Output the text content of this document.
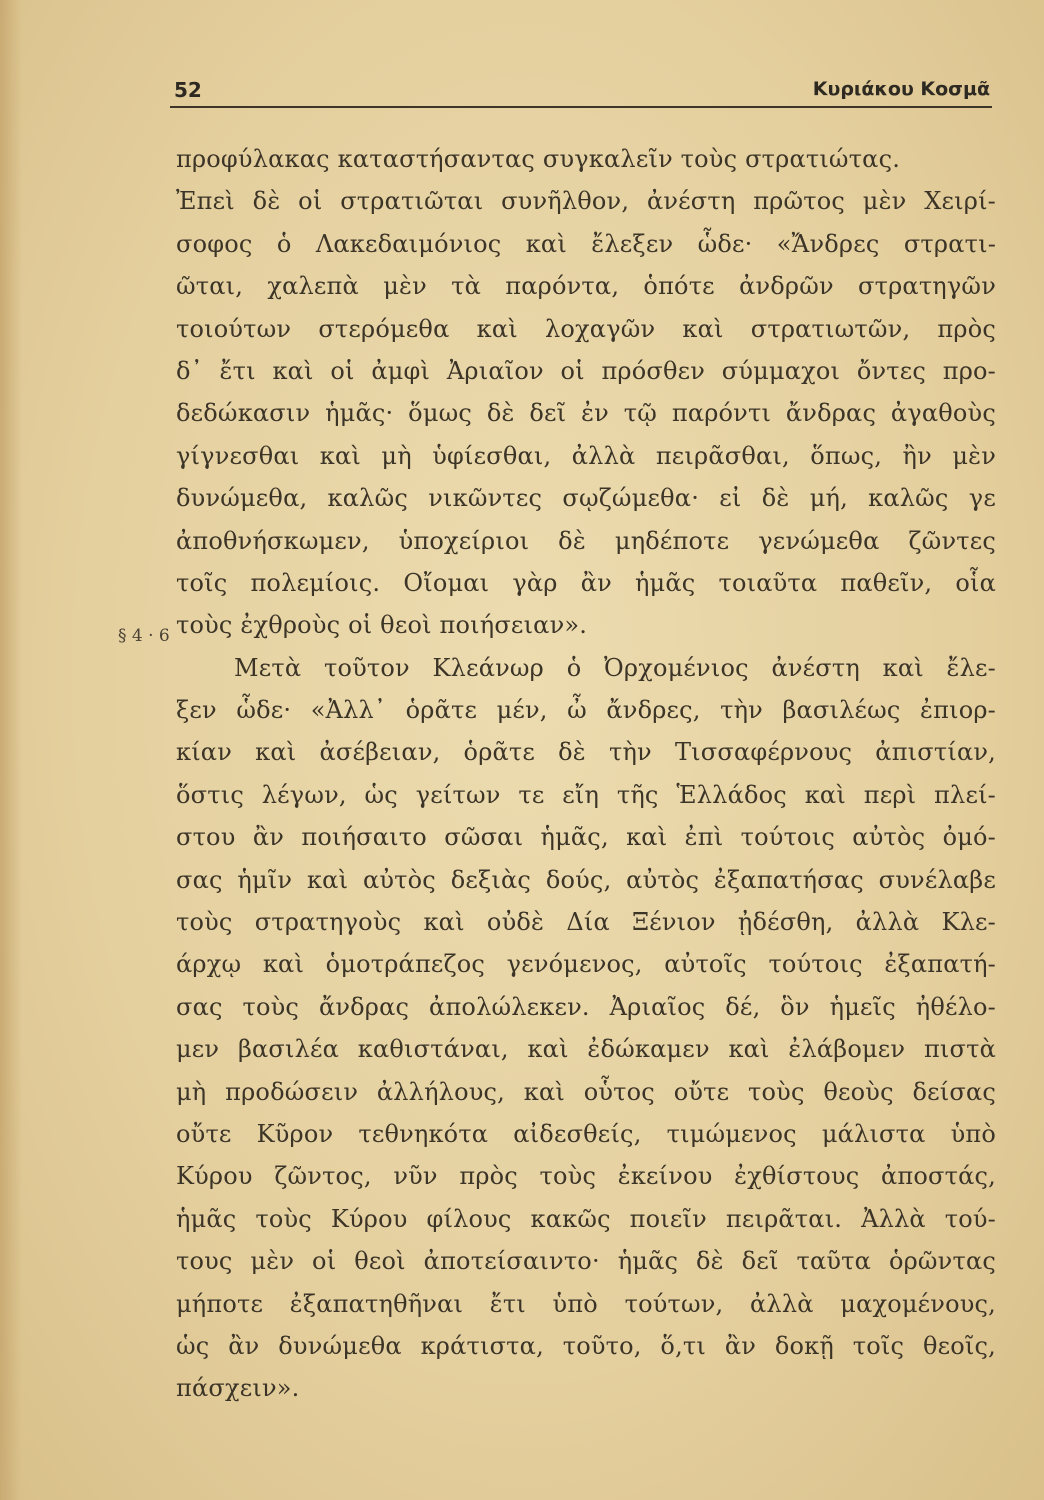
52	Κυριάκου Κοσμᾶ
§ 4 · 6
προφύλακας καταστήσαντας συγκαλεῖν τοὺς στρατιώτας.
Ἐπεὶ δὲ οἱ στρατιῶται συνῆλθον, ἀνέστη πρῶτος μὲν Χειρί-
σοφος ὁ Λακεδαιμόνιος καὶ ἔλεξεν ὧδε· «Ἄνδρες στρατι-
ῶται, χαλεπὰ μὲν τὰ παρόντα, ὁπότε ἀνδρῶν στρατηγῶν
τοιούτων στερόμεθα καὶ λοχαγῶν καὶ στρατιωτῶν, πρὸς
δ᾿ ἔτι καὶ οἱ ἀμφὶ Ἀριαῖον οἱ πρόσθεν σύμμαχοι ὄντες προ-
δεδώκασιν ἡμᾶς· ὅμως δὲ δεῖ ἐν τῷ παρόντι ἄνδρας ἀγαθοὺς
γίγνεσθαι καὶ μὴ ὑφίεσθαι, ἀλλὰ πειρᾶσθαι, ὅπως, ἢν μὲν
δυνώμεθα, καλῶς νικῶντες σῳζώμεθα· εἰ δὲ μή, καλῶς γε
ἀποθνήσκωμεν, ὑποχείριοι δὲ μηδέποτε γενώμεθα ζῶντες
τοῖς πολεμίοις. Οἴομαι γὰρ ἂν ἡμᾶς τοιαῦτα παθεῖν, οἷα
τοὺς ἐχθροὺς οἱ θεοὶ ποιήσειαν».
Μετὰ τοῦτον Κλεάνωρ ὁ Ὀρχομένιος ἀνέστη καὶ ἔλε-
ξεν ὧδε· «Ἀλλ᾿ ὁρᾶτε μέν, ὦ ἄνδρες, τὴν βασιλέως ἐπιορ-
κίαν καὶ ἀσέβειαν, ὁρᾶτε δὲ τὴν Τισσαφέρνους ἀπιστίαν,
ὅστις λέγων, ὡς γείτων τε εἴη τῆς Ἑλλάδος καὶ περὶ πλεί-
στου ἂν ποιήσαιτο σῶσαι ἡμᾶς, καὶ ἐπὶ τούτοις αὐτὸς ὀμό-
σας ἡμῖν καὶ αὐτὸς δεξιὰς δούς, αὐτὸς ἐξαπατήσας συνέλαβε
τοὺς στρατηγοὺς καὶ οὐδὲ Δία Ξένιον ᾐδέσθη, ἀλλὰ Κλε-
άρχῳ καὶ ὁμοτράπεζος γενόμενος, αὐτοῖς τούτοις ἐξαπατή-
σας τοὺς ἄνδρας ἀπολώλεκεν. Ἀριαῖος δέ, ὃν ἡμεῖς ἠθέλο-
μεν βασιλέα καθιστάναι, καὶ ἐδώκαμεν καὶ ἐλάβομεν πιστὰ
μὴ προδώσειν ἀλλήλους, καὶ οὗτος οὔτε τοὺς θεοὺς δείσας
οὔτε Κῦρον τεθνηκότα αἰδεσθείς, τιμώμενος μάλιστα ὑπὸ
Κύρου ζῶντος, νῦν πρὸς τοὺς ἐκείνου ἐχθίστους ἀποστάς,
ἡμᾶς τοὺς Κύρου φίλους κακῶς ποιεῖν πειρᾶται. Ἀλλὰ τού-
τους μὲν οἱ θεοὶ ἀποτείσαιντο· ἡμᾶς δὲ δεῖ ταῦτα ὁρῶντας
μήποτε ἐξαπατηθῆναι ἔτι ὑπὸ τούτων, ἀλλὰ μαχομένους,
ὡς ἂν δυνώμεθα κράτιστα, τοῦτο, ὅ,τι ἂν δοκῇ τοῖς θεοῖς,
πάσχειν».
